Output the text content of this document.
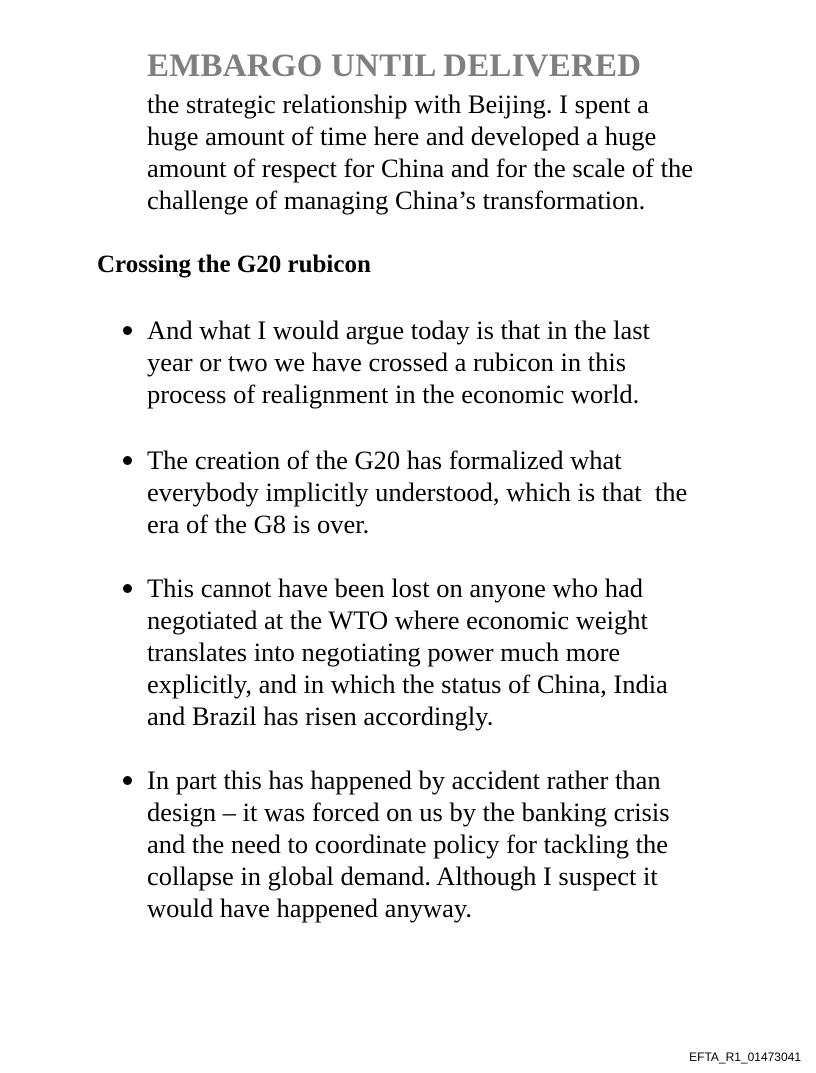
EMBARGO UNTIL DELIVERED
the strategic relationship with Beijing. I spent a
huge amount of time here and developed a huge
amount of respect for China and for the scale of the
challenge of managing China’s transformation.
Crossing the G20 rubicon
And what I would argue today is that in the last
year or two we have crossed a rubicon in this
process of realignment in the economic world.
The creation of the G20 has formalized what
everybody implicitly understood, which is that  the
era of the G8 is over.
This cannot have been lost on anyone who had
negotiated at the WTO where economic weight
translates into negotiating power much more
explicitly, and in which the status of China, India
and Brazil has risen accordingly.
In part this has happened by accident rather than
design – it was forced on us by the banking crisis
and the need to coordinate policy for tackling the
collapse in global demand. Although I suspect it
would have happened anyway.
EFTA_R1_01473041
